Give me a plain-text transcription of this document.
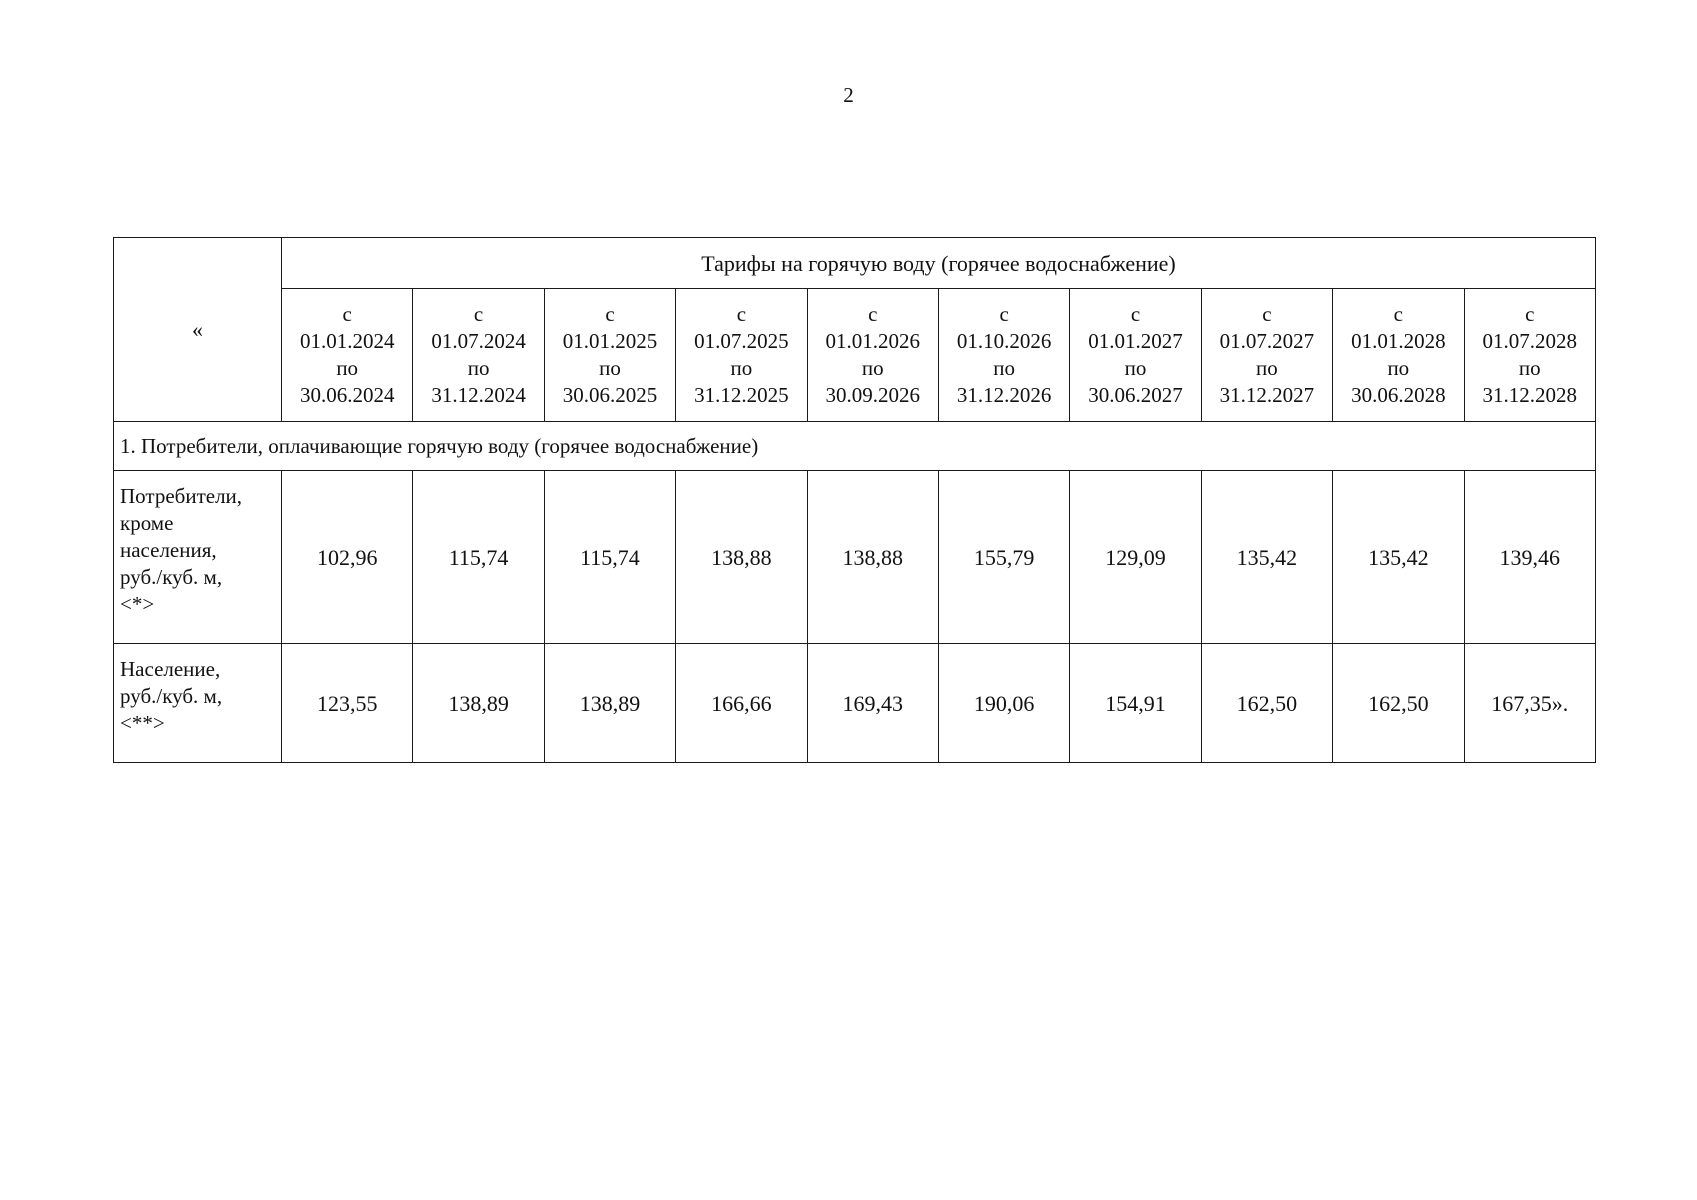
2
«	Тарифы на горячую воду (горячее водоснабжение)									

	с
01.01.2024
по
30.06.2024	с
01.07.2024
по
31.12.2024	с
01.01.2025
по
30.06.2025	с
01.07.2025
по
31.12.2025	с
01.01.2026
по
30.09.2026	с
01.10.2026
по
31.12.2026	с
01.01.2027
по
30.06.2027	с
01.07.2027
по
31.12.2027	с
01.01.2028
по
30.06.2028	с
01.07.2028
по
31.12.2028

1. Потребители, оплачивающие горячую воду (горячее водоснабжение)										

Потребители,
кроме
населения,
руб./куб. м,
<*>	102,96	115,74	115,74	138,88	138,88	155,79	129,09	135,42	135,42	139,46

Население,
руб./куб. м,
<**>	123,55	138,89	138,89	166,66	169,43	190,06	154,91	162,50	162,50	167,35».
